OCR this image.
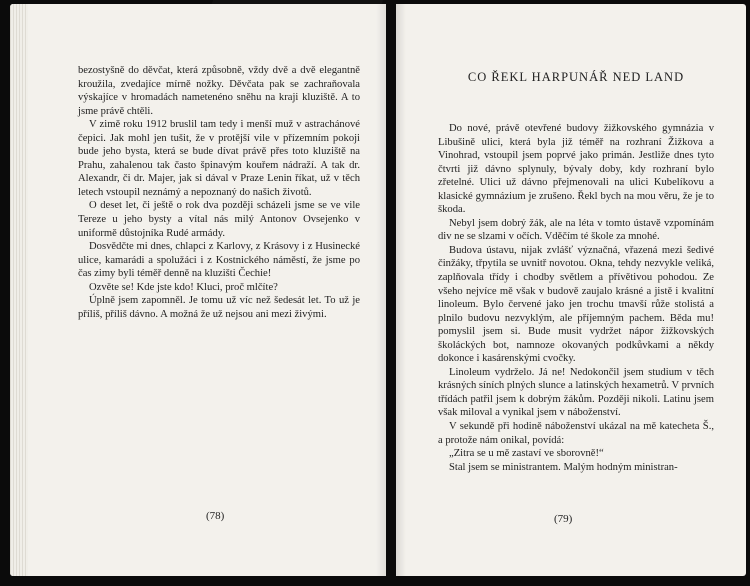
bezostyšně do děvčat, která způsobně, vždy dvě a dvě elegantně kroužila, zvedajíce mírně nožky. Děvčata pak se zachraňovala výskajíce v hromadách nametenéno sněhu na kraji kluziště. A to jsme právě chtěli.

V zimě roku 1912 bruslil tam tedy i menší muž v astrachánové čepici. Jak mohl jen tušit, že v protější vile v přízemním pokoji bude jeho bysta, která se bude dívat právě přes toto kluziště na Prahu, zahalenou tak často špinavým kouřem nádraží. A tak dr. Alexandr, či dr. Majer, jak si dával v Praze Lenin říkat, už v těch letech vstoupil neznámý a nepoznaný do našich životů.

O deset let, či ještě o rok dva později scházeli jsme se ve vile Tereze u jeho bysty a vítal nás milý Antonov Ovsejenko v uniformě důstojníka Rudé armády.

Dosvědčte mi dnes, chlapci z Karlovy, z Krásovy i z Husinecké ulice, kamarádi a spolužáci i z Kostnického náměstí, že jsme po čas zimy byli téměř denně na kluzišti Čechie!

Ozvěte se! Kde jste kdo! Kluci, proč mlčíte?

Úplně jsem zapomněl. Je tomu už víc než šedesát let. To už je příliš, příliš dávno. A možná že už nejsou ani mezi živými.

(78)
CO ŘEKL HARPUNÁŘ NED LAND

Do nové, právě otevřené budovy žižkovského gymnázia v Libušině ulici, která byla již téměř na rozhraní Žižkova a Vinohrad, vstoupil jsem poprvé jako primán. Jestliže dnes tyto čtvrti již dávno splynuly, bývaly doby, kdy rozhraní bylo zřetelné. Ulici už dávno přejmenovali na ulici Kubelíkovu a klasické gymnázium je zrušeno. Řekl bych na mou věru, že je to škoda.

Nebyl jsem dobrý žák, ale na léta v tomto ústavě vzpomínám div ne se slzami v očích. Vděčím té škole za mnohé.

Budova ústavu, nijak zvlášť význačná, vřazená mezi šedivé činžáky, třpytila se uvnitř novotou. Okna, tehdy nezvykle veliká, zaplňovala třídy i chodby světlem a přívětivou pohodou. Ze všeho nejvíce mě však v budově zaujalo krásné a jistě i kvalitní linoleum. Bylo červené jako jen trochu tmavší růže stolistá a plnilo budovu nezvyklým, ale příjemným pachem. Běda mu! pomyslil jsem si. Bude musit vydržet nápor žižkovských školáckých bot, namnoze okovaných podkůvkami a někdy dokonce i kasárenskými cvočky.

Linoleum vydrželo. Já ne! Nedokončil jsem studium v těch krásných síních plných slunce a latinských hexametrů. V prvních třídách patřil jsem k dobrým žákům. Později nikoli. Latinu jsem však miloval a vynikal jsem v náboženství.

V sekundě při hodině náboženství ukázal na mě katecheta Š., a protože nám onikal, povídá:

„Zitra se u mě zastaví ve sborovně!“

Stal jsem se ministrantem. Malým hodným ministran-

(79)
